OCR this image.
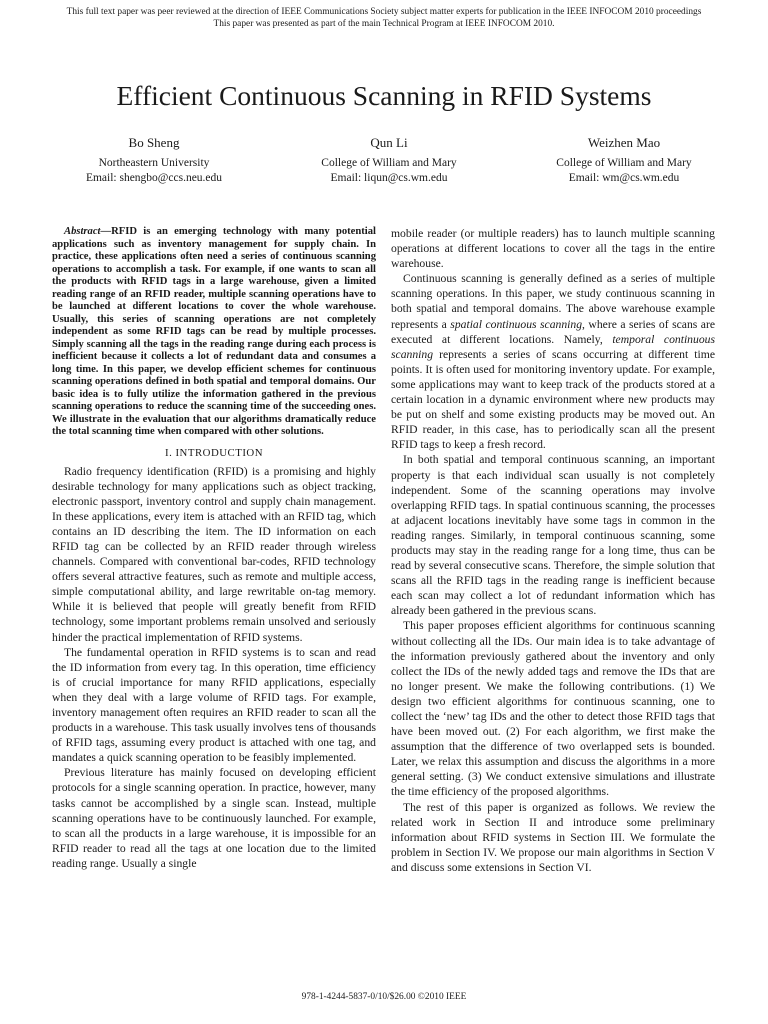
This full text paper was peer reviewed at the direction of IEEE Communications Society subject matter experts for publication in the IEEE INFOCOM 2010 proceedings
This paper was presented as part of the main Technical Program at IEEE INFOCOM 2010.
Efficient Continuous Scanning in RFID Systems
Bo Sheng
Northeastern University
Email: shengbo@ccs.neu.edu
Qun Li
College of William and Mary
Email: liqun@cs.wm.edu
Weizhen Mao
College of William and Mary
Email: wm@cs.wm.edu

Abstract—RFID is an emerging technology with many potential applications such as inventory management for supply chain. In practice, these applications often need a series of continuous scanning operations to accomplish a task. For example, if one wants to scan all the products with RFID tags in a large warehouse, given a limited reading range of an RFID reader, multiple scanning operations have to be launched at different locations to cover the whole warehouse. Usually, this series of scanning operations are not completely independent as some RFID tags can be read by multiple processes. Simply scanning all the tags in the reading range during each process is inefficient because it collects a lot of redundant data and consumes a long time. In this paper, we develop efficient schemes for continuous scanning operations defined in both spatial and temporal domains. Our basic idea is to fully utilize the information gathered in the previous scanning operations to reduce the scanning time of the succeeding ones. We illustrate in the evaluation that our algorithms dramatically reduce the total scanning time when compared with other solutions.

I. INTRODUCTION

Radio frequency identification (RFID) is a promising and highly desirable technology for many applications such as object tracking, electronic passport, inventory control and supply chain management. In these applications, every item is attached with an RFID tag, which contains an ID describing the item. The ID information on each RFID tag can be collected by an RFID reader through wireless channels. Compared with conventional bar-codes, RFID technology offers several attractive features, such as remote and multiple access, simple computational ability, and large rewritable on-tag memory. While it is believed that people will greatly benefit from RFID technology, some important problems remain unsolved and seriously hinder the practical implementation of RFID systems.

The fundamental operation in RFID systems is to scan and read the ID information from every tag. In this operation, time efficiency is of crucial importance for many RFID applications, especially when they deal with a large volume of RFID tags. For example, inventory management often requires an RFID reader to scan all the products in a warehouse. This task usually involves tens of thousands of RFID tags, assuming every product is attached with one tag, and mandates a quick scanning operation to be feasibly implemented.

Previous literature has mainly focused on developing efficient protocols for a single scanning operation. In practice, however, many tasks cannot be accomplished by a single scan. Instead, multiple scanning operations have to be continuously launched. For example, to scan all the products in a large warehouse, it is impossible for an RFID reader to read all the tags at one location due to the limited reading range. Usually a single

mobile reader (or multiple readers) has to launch multiple scanning operations at different locations to cover all the tags in the entire warehouse.

Continuous scanning is generally defined as a series of multiple scanning operations. In this paper, we study continuous scanning in both spatial and temporal domains. The above warehouse example represents a spatial continuous scanning, where a series of scans are executed at different locations. Namely, temporal continuous scanning represents a series of scans occurring at different time points. It is often used for monitoring inventory update. For example, some applications may want to keep track of the products stored at a certain location in a dynamic environment where new products may be put on shelf and some existing products may be moved out. An RFID reader, in this case, has to periodically scan all the present RFID tags to keep a fresh record.

In both spatial and temporal continuous scanning, an important property is that each individual scan usually is not completely independent. Some of the scanning operations may involve overlapping RFID tags. In spatial continuous scanning, the processes at adjacent locations inevitably have some tags in common in the reading ranges. Similarly, in temporal continuous scanning, some products may stay in the reading range for a long time, thus can be read by several consecutive scans. Therefore, the simple solution that scans all the RFID tags in the reading range is inefficient because each scan may collect a lot of redundant information which has already been gathered in the previous scans.

This paper proposes efficient algorithms for continuous scanning without collecting all the IDs. Our main idea is to take advantage of the information previously gathered about the inventory and only collect the IDs of the newly added tags and remove the IDs that are no longer present. We make the following contributions. (1) We design two efficient algorithms for continuous scanning, one to collect the ‘new’ tag IDs and the other to detect those RFID tags that have been moved out. (2) For each algorithm, we first make the assumption that the difference of two overlapped sets is bounded. Later, we relax this assumption and discuss the algorithms in a more general setting. (3) We conduct extensive simulations and illustrate the time efficiency of the proposed algorithms.

The rest of this paper is organized as follows. We review the related work in Section II and introduce some preliminary information about RFID systems in Section III. We formulate the problem in Section IV. We propose our main algorithms in Section V and discuss some extensions in Section VI.

978-1-4244-5837-0/10/$26.00 ©2010 IEEE
